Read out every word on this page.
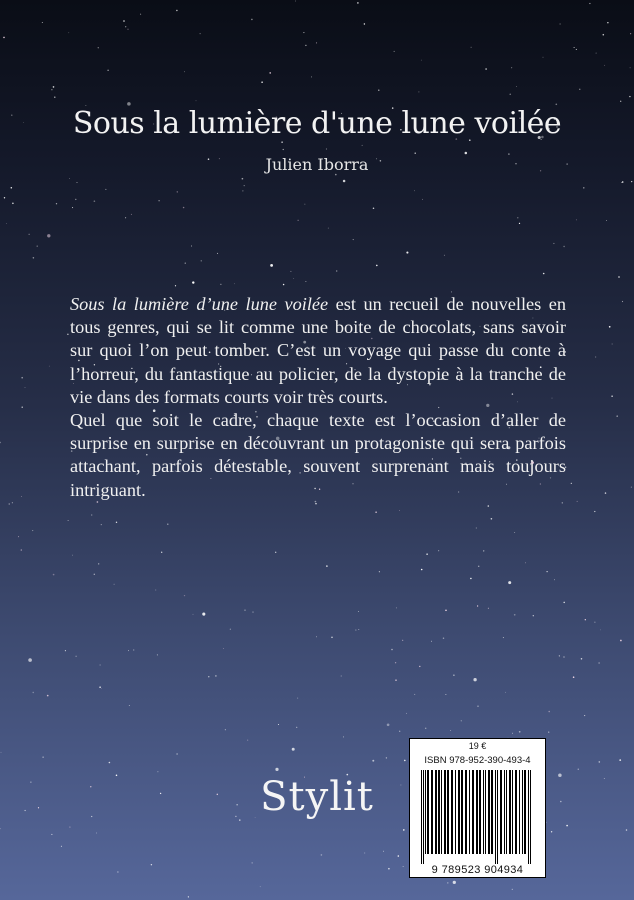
Sous la lumière d'une lune voilée
Julien Iborra

Sous la lumière d’une lune voilée est un recueil de nouvelles en tous genres, qui se lit comme une boite de chocolats, sans savoir sur quoi l’on peut tomber. C’est un voyage qui passe du conte à l’horreur, du fantastique au policier, de la dystopie à la tranche de vie dans des formats courts voir très courts.

Quel que soit le cadre, chaque texte est l’occasion d’aller de surprise en surprise en découvrant un protagoniste qui sera parfois attachant, parfois détestable, souvent surprenant mais toujours intriguant.

Stylit
19 €
ISBN 978-952-390-493-4
9 789523 904934
